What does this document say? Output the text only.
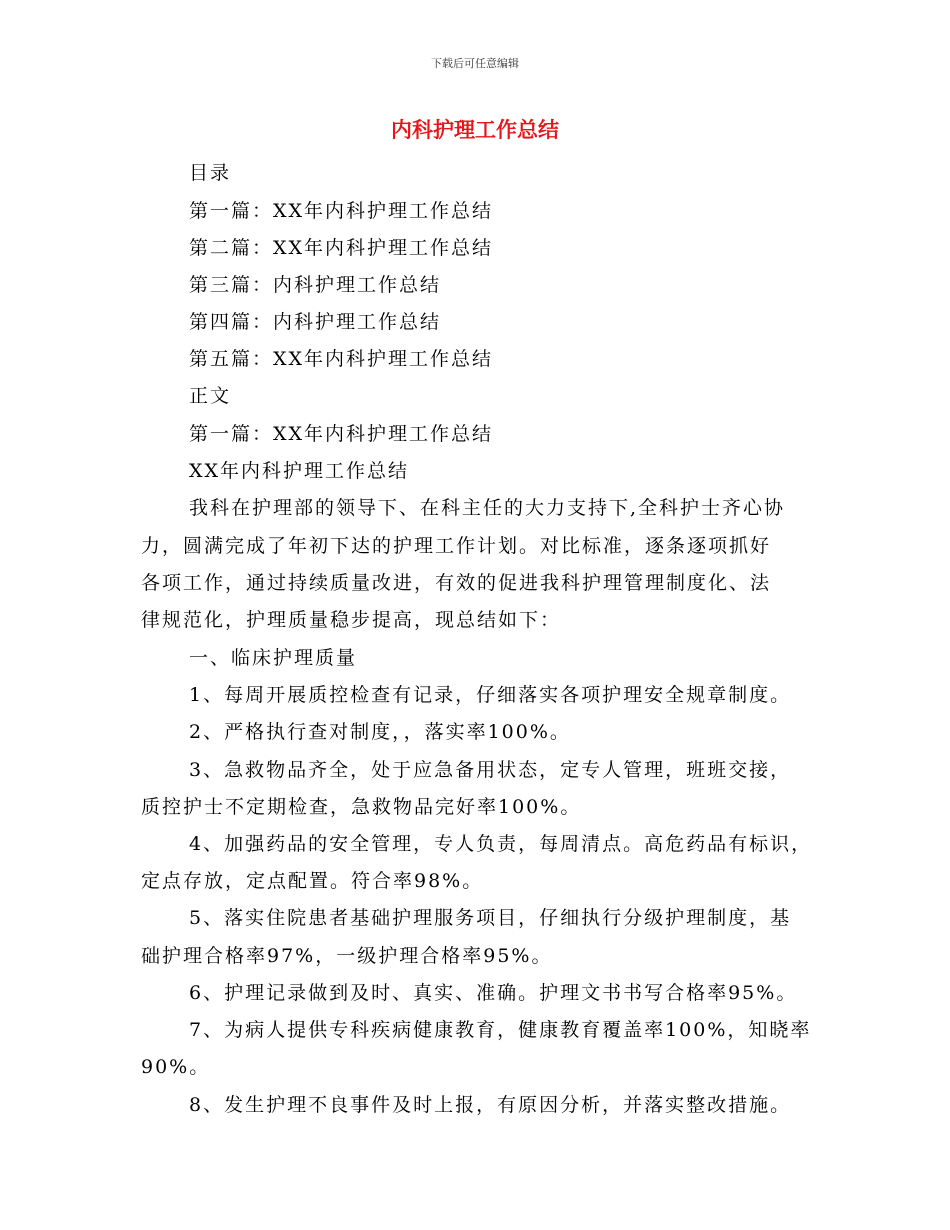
下载后可任意编辑
内科护理工作总结
目录
第一篇：XX年内科护理工作总结
第二篇：XX年内科护理工作总结
第三篇：内科护理工作总结
第四篇：内科护理工作总结
第五篇：XX年内科护理工作总结
正文
第一篇：XX年内科护理工作总结
XX年内科护理工作总结
我科在护理部的领导下、在科主任的大力支持下,全科护士齐心协
力，圆满完成了年初下达的护理工作计划。对比标准，逐条逐项抓好
各项工作，通过持续质量改进，有效的促进我科护理管理制度化、法
律规范化，护理质量稳步提高，现总结如下：
一、临床护理质量
1、每周开展质控检查有记录，仔细落实各项护理安全规章制度。
2、严格执行查对制度，，落实率100%。
3、急救物品齐全，处于应急备用状态，定专人管理，班班交接，
质控护士不定期检查，急救物品完好率100%。
4、加强药品的安全管理，专人负责，每周清点。高危药品有标识，
定点存放，定点配置。符合率98%。
5、落实住院患者基础护理服务项目，仔细执行分级护理制度，基
础护理合格率97%，一级护理合格率95%。
6、护理记录做到及时、真实、准确。护理文书书写合格率95%。
7、为病人提供专科疾病健康教育，健康教育覆盖率100%，知晓率
90%。
8、发生护理不良事件及时上报，有原因分析，并落实整改措施。
